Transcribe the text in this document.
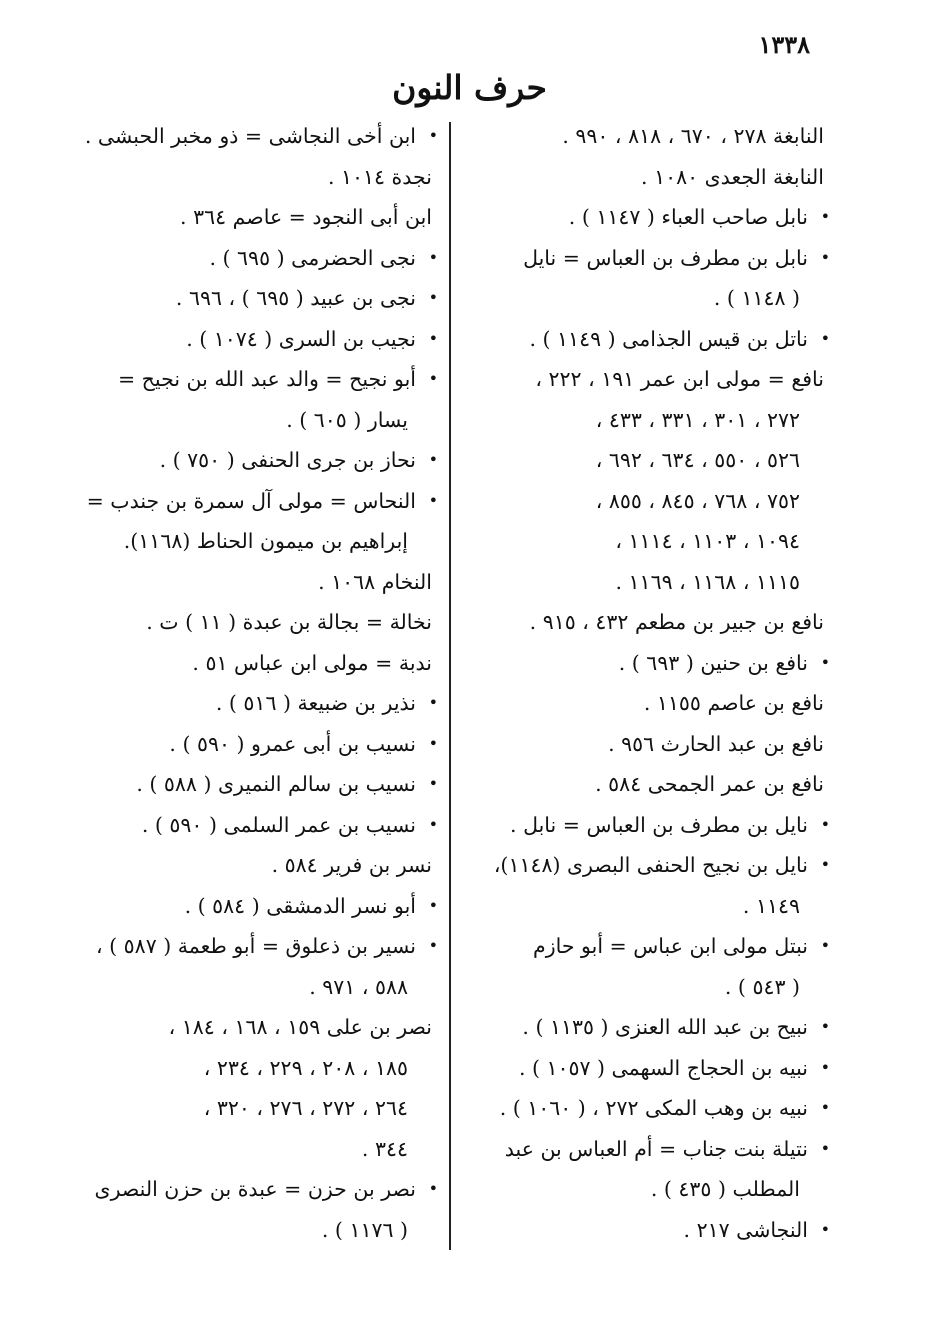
١٣٣٨
حرف النون
النابغة ٢٧٨ ، ٦٧٠ ، ٨١٨ ، ٩٩٠ .
النابغة الجعدى ١٠٨٠ .
• نابل صاحب العباء ( ١١٤٧ ) .
• نابل بن مطرف بن العباس = نايل
( ١١٤٨ ) .
• ناتل بن قيس الجذامى ( ١١٤٩ ) .
نافع = مولى ابن عمر ١٩١ ، ٢٢٢ ،
٢٧٢ ، ٣٠١ ، ٣٣١ ، ٤٣٣ ،
٥٢٦ ، ٥٥٠ ، ٦٣٤ ، ٦٩٢ ،
٧٥٢ ، ٧٦٨ ، ٨٤٥ ، ٨٥٥ ،
١٠٩٤ ، ١١٠٣ ، ١١١٤ ،
١١١٥ ، ١١٦٨ ، ١١٦٩ .
نافع بن جبير بن مطعم ٤٣٢ ، ٩١٥ .
• نافع بن حنين ( ٦٩٣ ) .
نافع بن عاصم ١١٥٥ .
نافع بن عبد الحارث ٩٥٦ .
نافع بن عمر الجمحى ٥٨٤ .
• نايل بن مطرف بن العباس = نابل .
• نايل بن نجيح الحنفى البصرى (١١٤٨)،
١١٤٩ .
• نبتل مولى ابن عباس = أبو حازم
( ٥٤٣ ) .
• نبيح بن عبد الله العنزى ( ١١٣٥ ) .
• نبيه بن الحجاج السهمى ( ١٠٥٧ ) .
• نبيه بن وهب المكى ٢٧٢ ، ( ١٠٦٠ ) .
• نتيلة بنت جناب = أم العباس بن عبد
المطلب ( ٤٣٥ ) .
• النجاشى ٢١٧ .
• ابن أخى النجاشى = ذو مخبر الحبشى .
نجدة ١٠١٤ .
ابن أبى النجود = عاصم ٣٦٤ .
• نجى الحضرمى ( ٦٩٥ ) .
• نجى بن عبيد ( ٦٩٥ ) ، ٦٩٦ .
• نجيب بن السرى ( ١٠٧٤ ) .
• أبو نجيح = والد عبد الله بن نجيح =
يسار ( ٦٠٥ ) .
• نحاز بن جرى الحنفى ( ٧٥٠ ) .
• النحاس = مولى آل سمرة بن جندب =
إبراهيم بن ميمون الحناط (١١٦٨).
النخام ١٠٦٨ .
نخالة = بجالة بن عبدة ( ١١ ) ت .
ندبة = مولى ابن عباس ٥١ .
• نذير بن ضبيعة ( ٥١٦ ) .
• نسيب بن أبى عمرو ( ٥٩٠ ) .
• نسيب بن سالم النميرى ( ٥٨٨ ) .
• نسيب بن عمر السلمى ( ٥٩٠ ) .
نسر بن فرير ٥٨٤ .
• أبو نسر الدمشقى ( ٥٨٤ ) .
• نسير بن ذعلوق = أبو طعمة ( ٥٨٧ ) ،
٥٨٨ ، ٩٧١ .
نصر بن على ١٥٩ ، ١٦٨ ، ١٨٤ ،
١٨٥ ، ٢٠٨ ، ٢٢٩ ، ٢٣٤ ،
٢٦٤ ، ٢٧٢ ، ٢٧٦ ، ٣٢٠ ،
٣٤٤ .
• نصر بن حزن = عبدة بن حزن النصرى
( ١١٧٦ ) .
